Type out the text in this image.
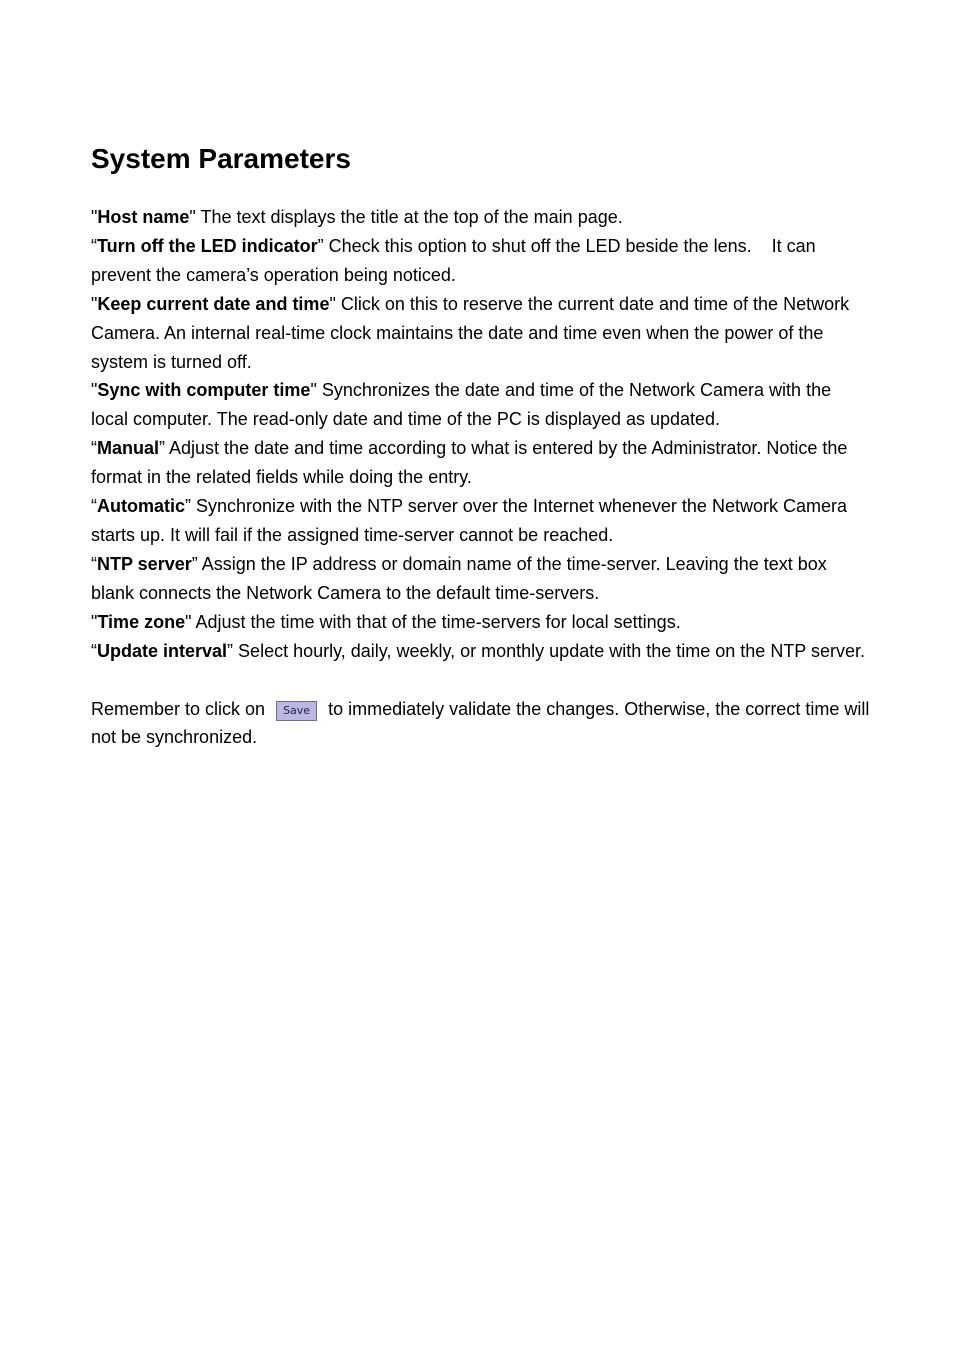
System Parameters

"Host name" The text displays the title at the top of the main page.

“Turn off the LED indicator” Check this option to shut off the LED beside the lens.    It can prevent the camera’s operation being noticed.

"Keep current date and time" Click on this to reserve the current date and time of the Network Camera. An internal real-time clock maintains the date and time even when the power of the system is turned off.

"Sync with computer time" Synchronizes the date and time of the Network Camera with the local computer. The read-only date and time of the PC is displayed as updated.

“Manual” Adjust the date and time according to what is entered by the Administrator. Notice the format in the related fields while doing the entry.

“Automatic” Synchronize with the NTP server over the Internet whenever the Network Camera starts up. It will fail if the assigned time-server cannot be reached.

“NTP server” Assign the IP address or domain name of the time-server. Leaving the text box blank connects the Network Camera to the default time-servers.

"Time zone" Adjust the time with that of the time-servers for local settings.

“Update interval” Select hourly, daily, weekly, or monthly update with the time on the NTP server.

Remember to click on Save to immediately validate the changes. Otherwise, the correct time will not be synchronized.
